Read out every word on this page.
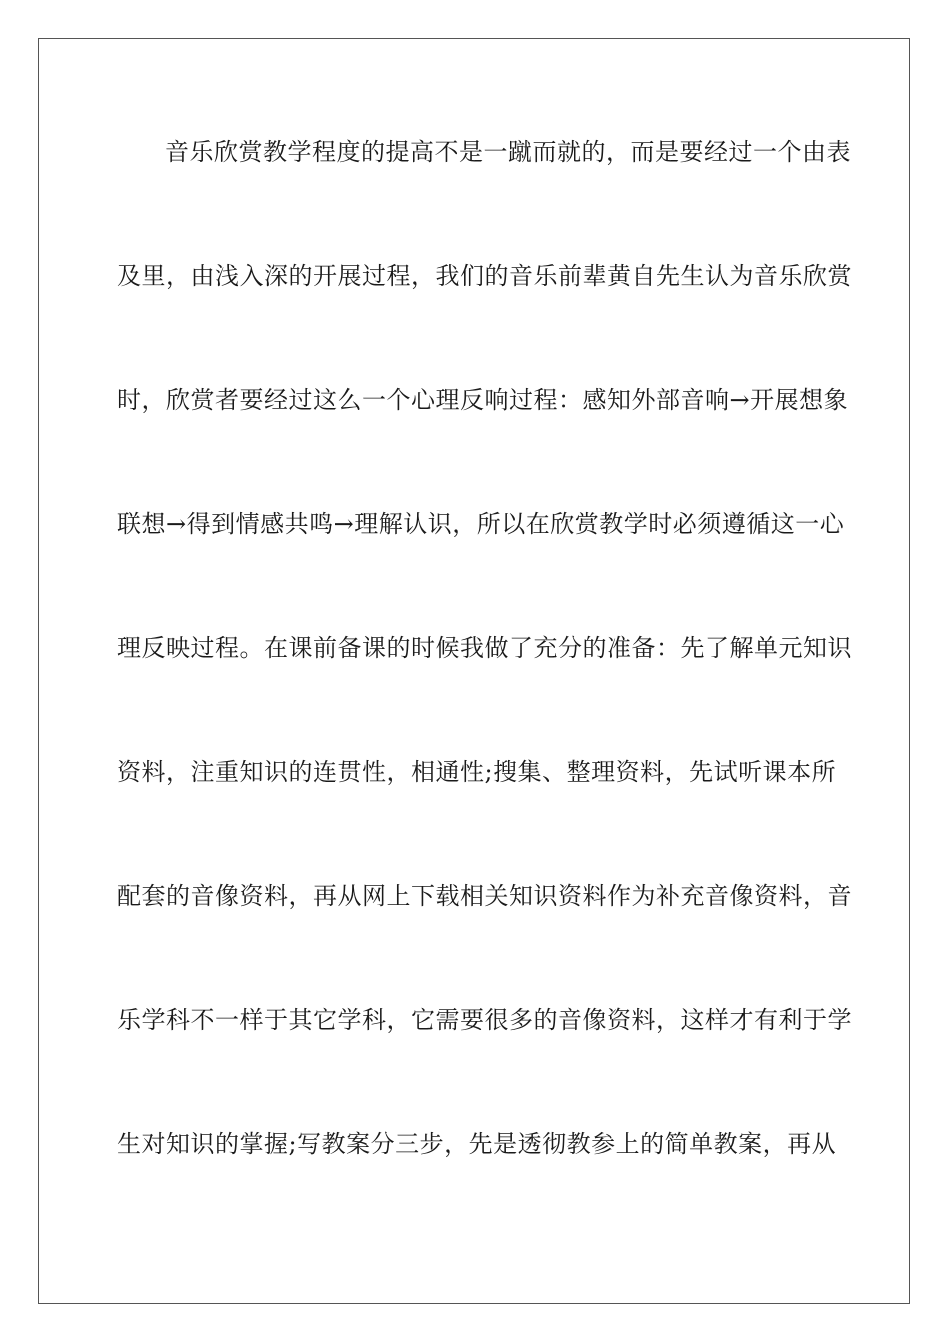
音乐欣赏教学程度的提高不是一蹴而就的，而是要经过一个由表
及里，由浅入深的开展过程，我们的音乐前辈黄自先生认为音乐欣赏
时，欣赏者要经过这么一个心理反响过程：感知外部音响→开展想象
联想→得到情感共鸣→理解认识，所以在欣赏教学时必须遵循这一心
理反映过程。在课前备课的时候我做了充分的准备：先了解单元知识
资料，注重知识的连贯性，相通性;搜集、整理资料，先试听课本所
配套的音像资料，再从网上下载相关知识资料作为补充音像资料，音
乐学科不一样于其它学科，它需要很多的音像资料，这样才有利于学
生对知识的掌握;写教案分三步，先是透彻教参上的简单教案，再从
